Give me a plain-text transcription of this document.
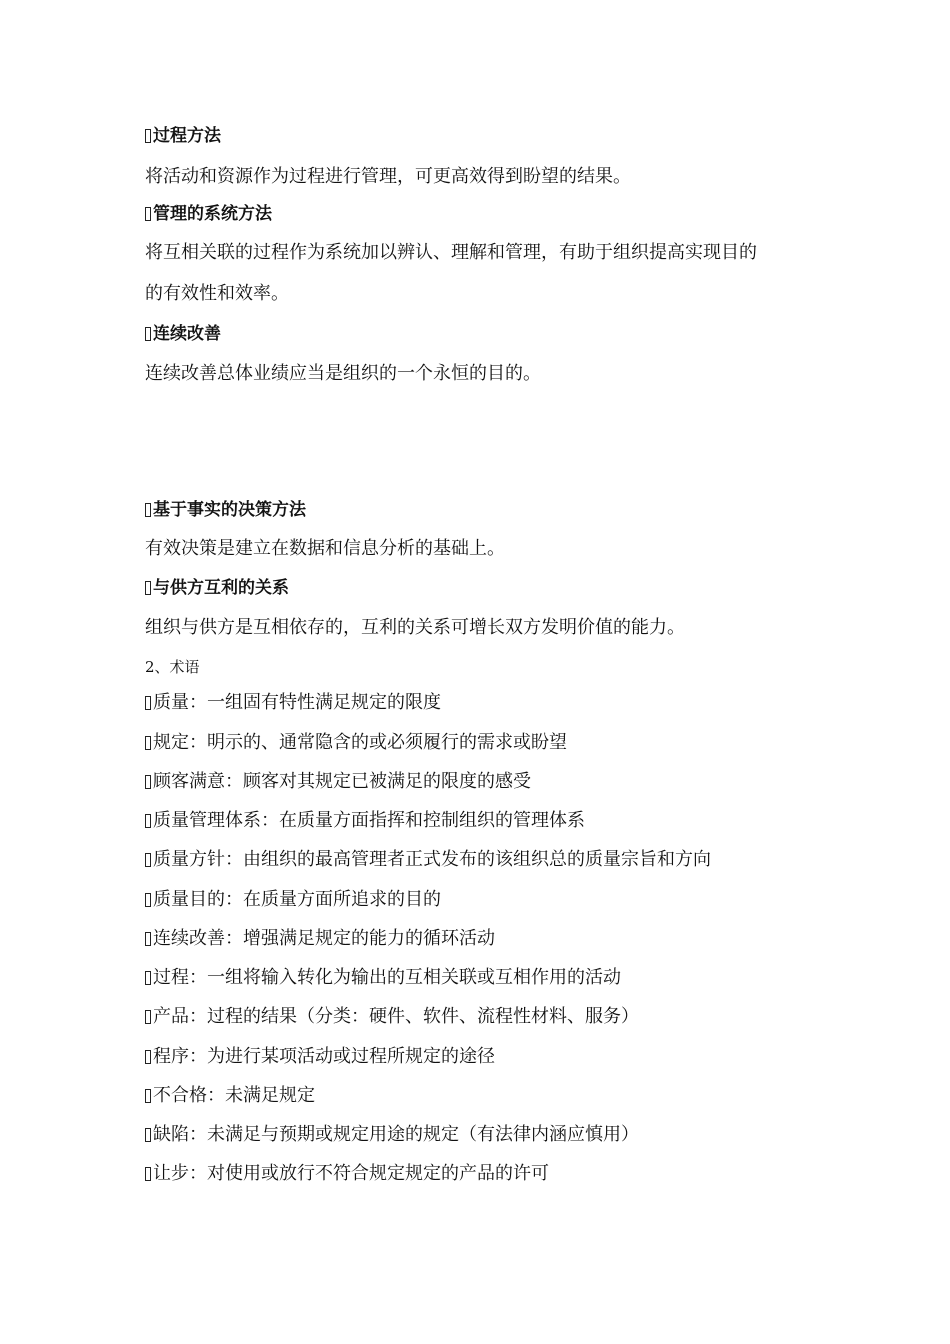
过程方法
将活动和资源作为过程进行管理，可更高效得到盼望的结果。
管理的系统方法
将互相关联的过程作为系统加以辨认、理解和管理，有助于组织提高实现目的
的有效性和效率。
连续改善
连续改善总体业绩应当是组织的一个永恒的目的。
基于事实的决策方法
有效决策是建立在数据和信息分析的基础上。
与供方互利的关系
组织与供方是互相依存的，互利的关系可增长双方发明价值的能力。
2、术语
质量：一组固有特性满足规定的限度
规定：明示的、通常隐含的或必须履行的需求或盼望
顾客满意：顾客对其规定已被满足的限度的感受
质量管理体系：在质量方面指挥和控制组织的管理体系
质量方针：由组织的最高管理者正式发布的该组织总的质量宗旨和方向
质量目的：在质量方面所追求的目的
连续改善：增强满足规定的能力的循环活动
过程：一组将输入转化为输出的互相关联或互相作用的活动
产品：过程的结果（分类：硬件、软件、流程性材料、服务）
程序：为进行某项活动或过程所规定的途径
不合格：未满足规定
缺陷：未满足与预期或规定用途的规定（有法律内涵应慎用）
让步：对使用或放行不符合规定规定的产品的许可
